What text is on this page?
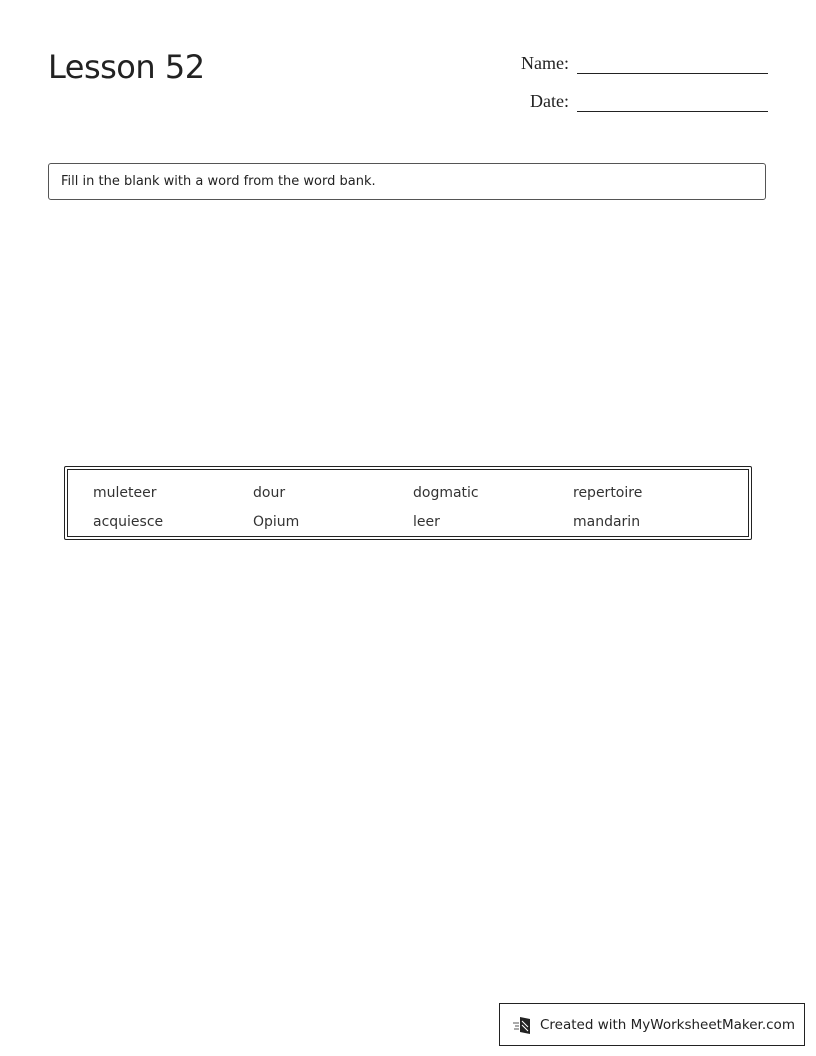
Lesson 52	Name:
Date:
Fill in the blank with a word from the word bank.
muleteer	dour	dogmatic	repertoire
acquiesce	Opium	leer	mandarin
Created with MyWorksheetMaker.com
